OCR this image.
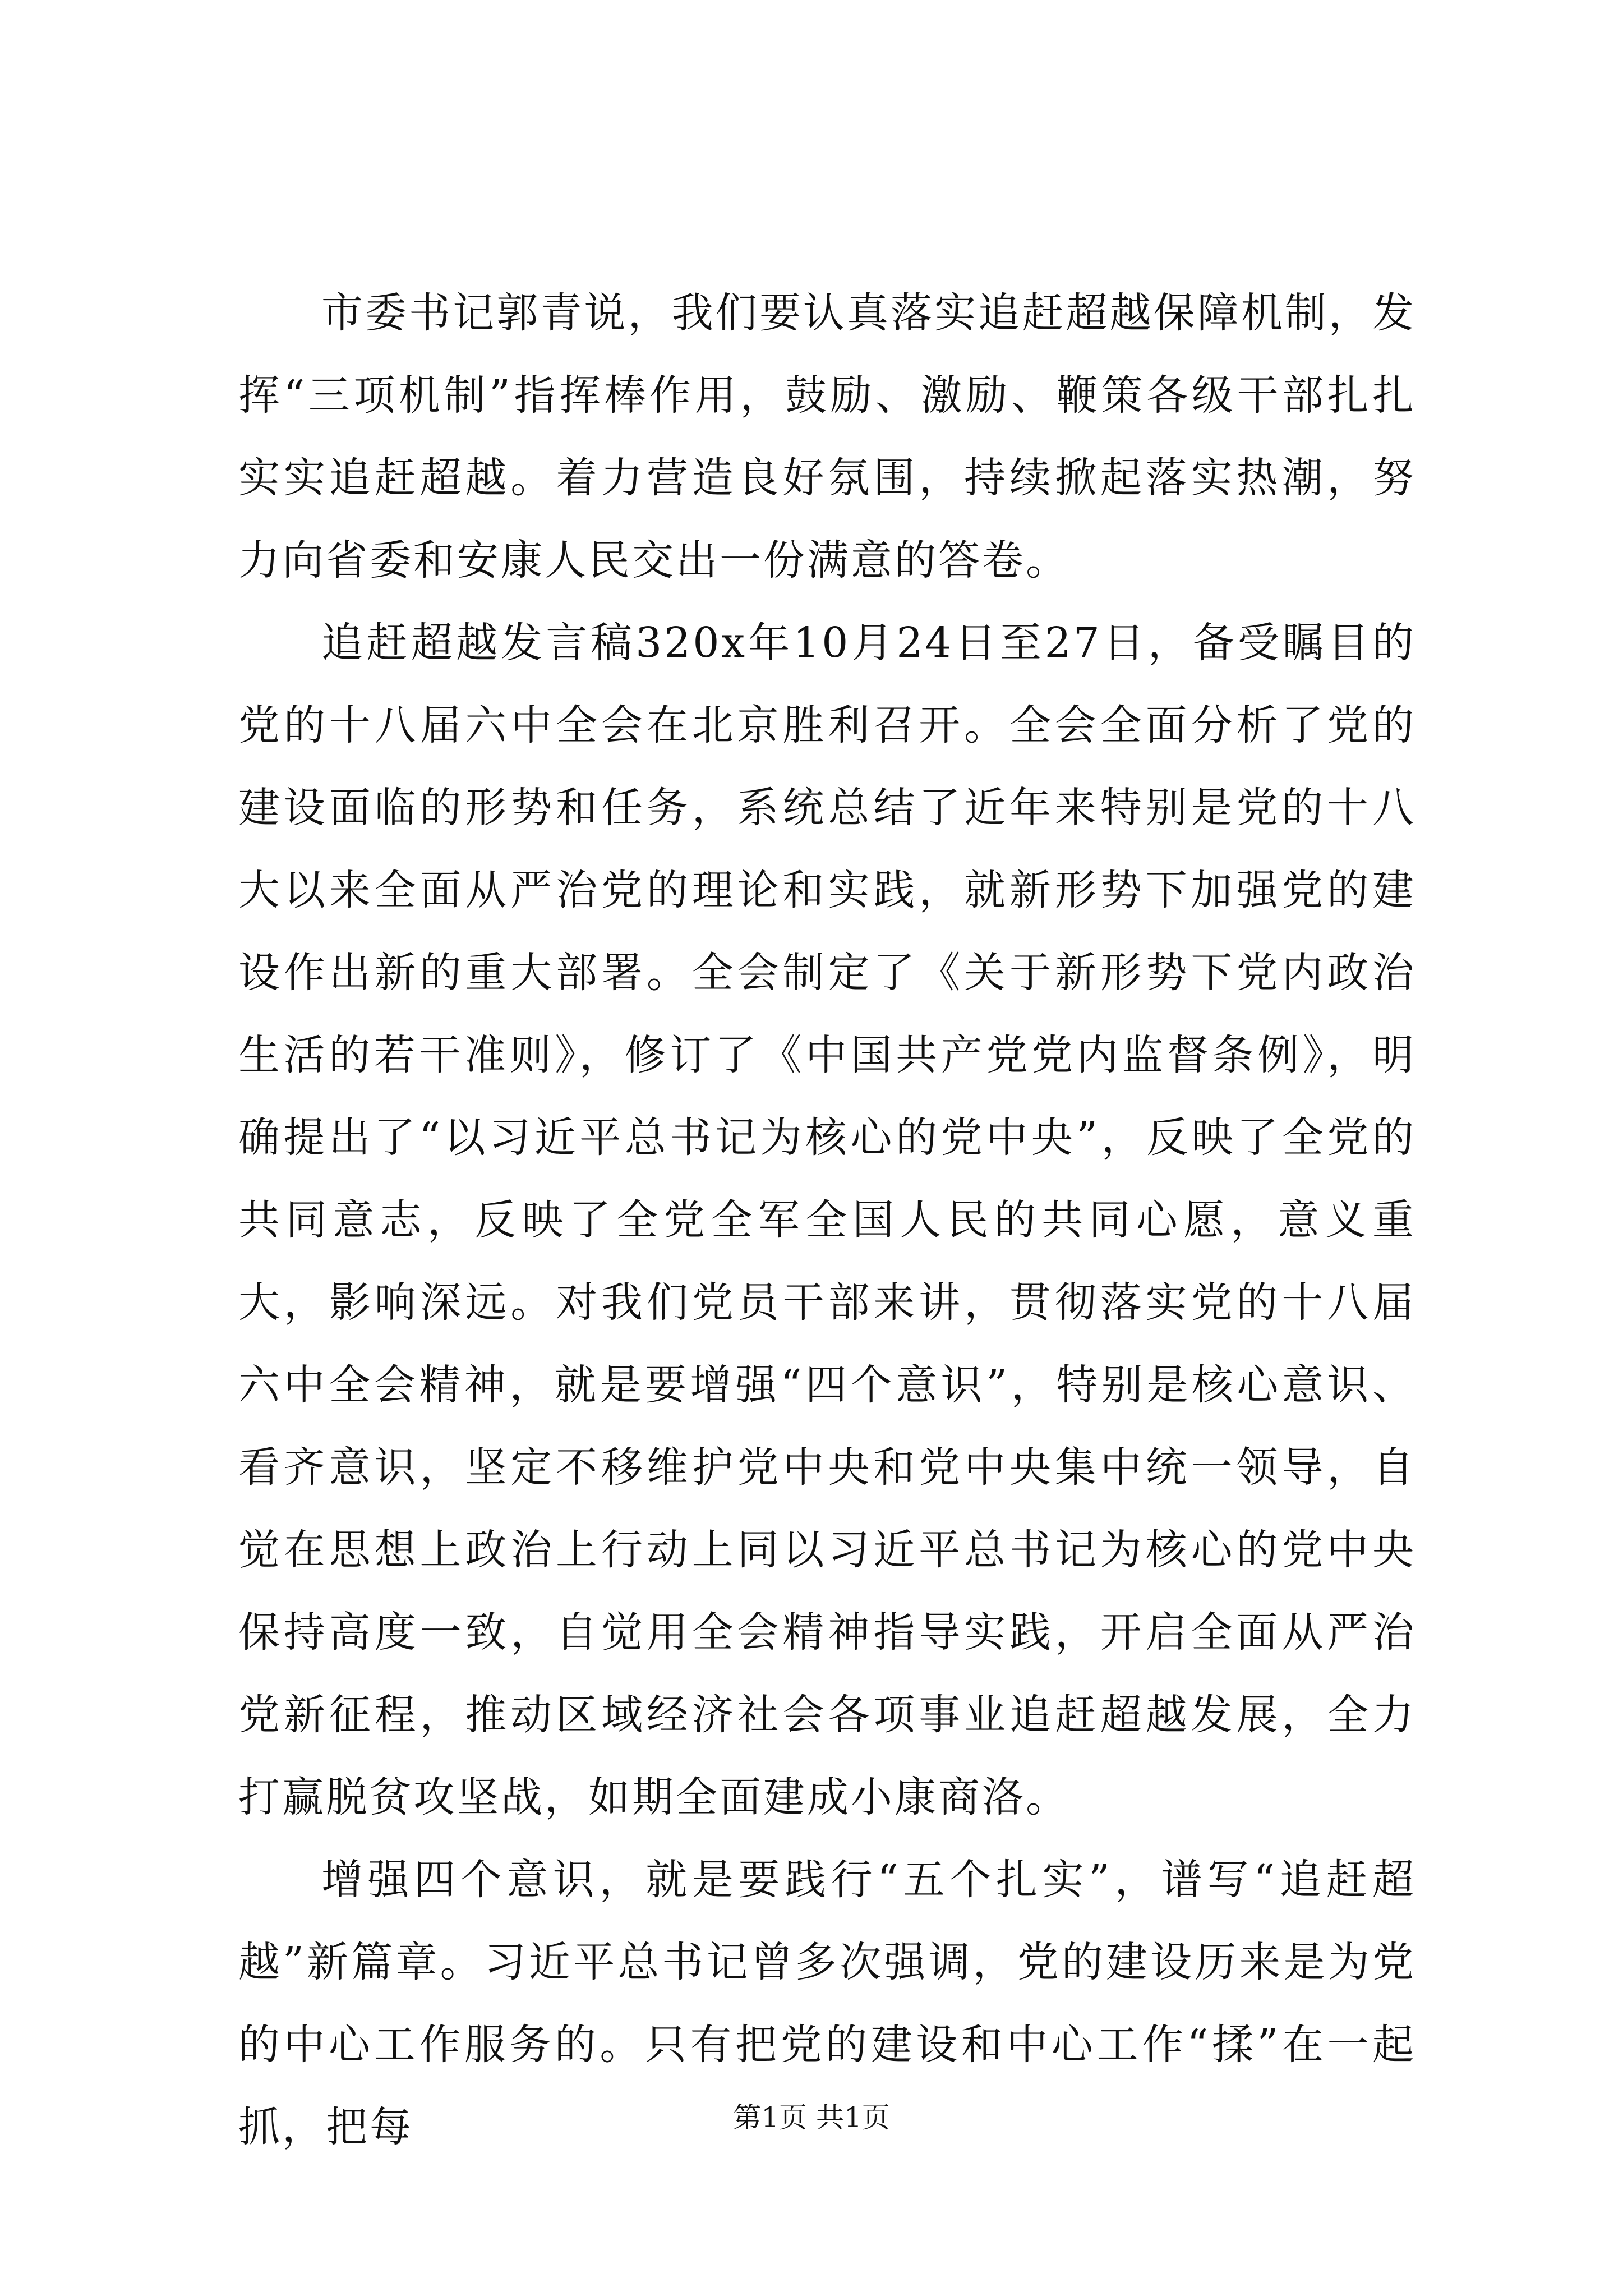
市委书记郭青说，我们要认真落实追赶超越保障机制，发挥“三项机制”指挥棒作用，鼓励、激励、鞭策各级干部扎扎实实追赶超越。着力营造良好氛围，持续掀起落实热潮，努力向省委和安康人民交出一份满意的答卷。

追赶超越发言稿320x年10月24日至27日，备受瞩目的党的十八届六中全会在北京胜利召开。全会全面分析了党的建设面临的形势和任务，系统总结了近年来特别是党的十八大以来全面从严治党的理论和实践，就新形势下加强党的建设作出新的重大部署。全会制定了《关于新形势下党内政治生活的若干准则》，修订了《中国共产党党内监督条例》，明确提出了“以习近平总书记为核心的党中央”，反映了全党的共同意志，反映了全党全军全国人民的共同心愿，意义重大，影响深远。对我们党员干部来讲，贯彻落实党的十八届六中全会精神，就是要增强“四个意识”，特别是核心意识、看齐意识，坚定不移维护党中央和党中央集中统一领导，自觉在思想上政治上行动上同以习近平总书记为核心的党中央保持高度一致，自觉用全会精神指导实践，开启全面从严治党新征程，推动区域经济社会各项事业追赶超越发展，全力打赢脱贫攻坚战，如期全面建成小康商洛。

增强四个意识，就是要践行“五个扎实”，谱写“追赶超越”新篇章。习近平总书记曾多次强调，党的建设历来是为党的中心工作服务的。只有把党的建设和中心工作“揉”在一起抓，把每	第1页 共1页
